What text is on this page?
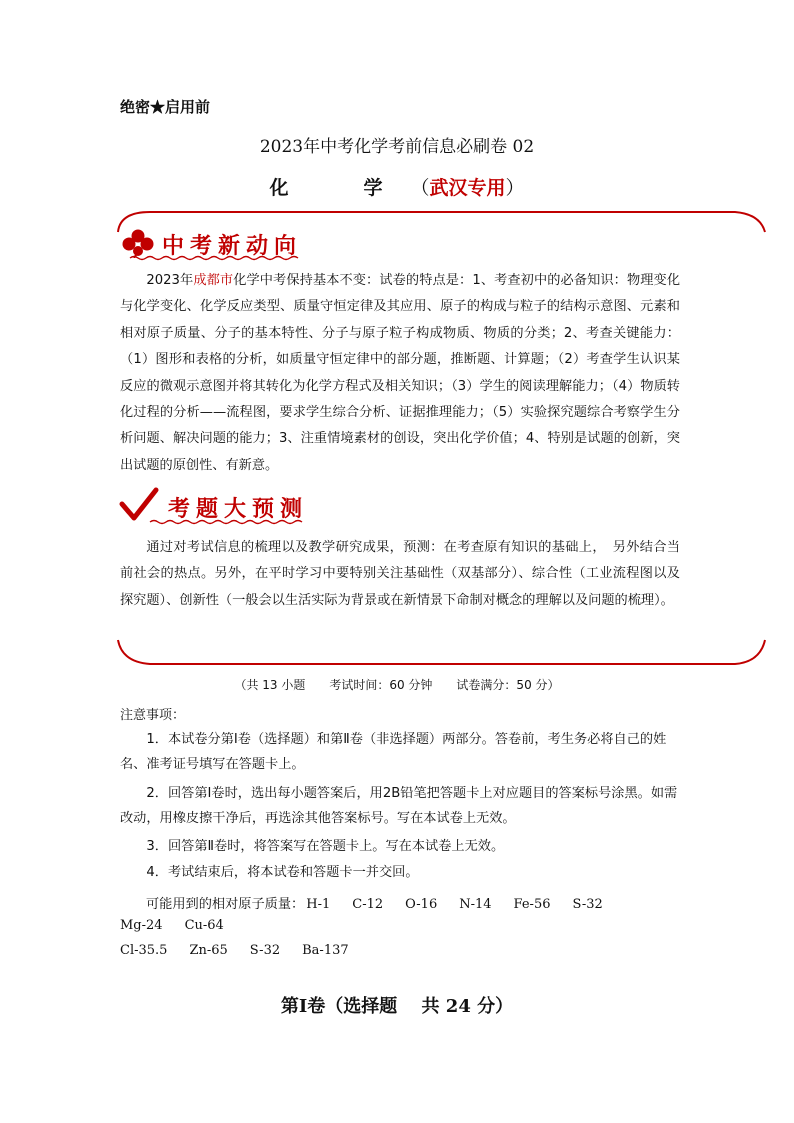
绝密★启用前
2023年中考化学考前信息必刷卷 02
化　学（武汉专用）
中考新动向
2023年成都市化学中考保持基本不变：试卷的特点是：1、考查初中的必备知识：物理变化与化学变化、化学反应类型、质量守恒定律及其应用、原子的构成与粒子的结构示意图、元素和相对原子质量、分子的基本特性、分子与原子粒子构成物质、物质的分类；2、考查关键能力：（1）图形和表格的分析，如质量守恒定律中的部分题，推断题、计算题；（2）考查学生认识某反应的微观示意图并将其转化为化学方程式及相关知识；（3）学生的阅读理解能力；（4）物质转化过程的分析——流程图，要求学生综合分析、证据推理能力；（5）实验探究题综合考察学生分析问题、解决问题的能力；3、注重情境素材的创设，突出化学价值；4、特别是试题的创新，突出试题的原创性、有新意。
考题大预测
通过对考试信息的梳理以及教学研究成果，预测：在考查原有知识的基础上，　另外结合当前社会的热点。另外，在平时学习中要特别关注基础性（双基部分）、综合性（工业流程图以及探究题）、创新性（一般会以生活实际为背景或在新情景下命制对概念的理解以及问题的梳理）。
（共 13 小题　　考试时间：60 分钟　　试卷满分：50 分）
注意事项：
1．本试卷分第Ⅰ卷（选择题）和第Ⅱ卷（非选择题）两部分。答卷前，考生务必将自己的姓名、准考证号填写在答题卡上。
2．回答第Ⅰ卷时，选出每小题答案后，用2B铅笔把答题卡上对应题目的答案标号涂黑。如需改动，用橡皮擦干净后，再选涂其他答案标号。写在本试卷上无效。
3．回答第Ⅱ卷时，将答案写在答题卡上。写在本试卷上无效。
4．考试结束后，将本试卷和答题卡一并交回。
可能用到的相对原子质量： H-1 C-12 O-16 N-14 Fe-56 S-32
Mg-24 Cu-64
Cl-35.5 Zn-65 S-32 Ba-137
第Ⅰ卷（选择题　 共 24 分）
